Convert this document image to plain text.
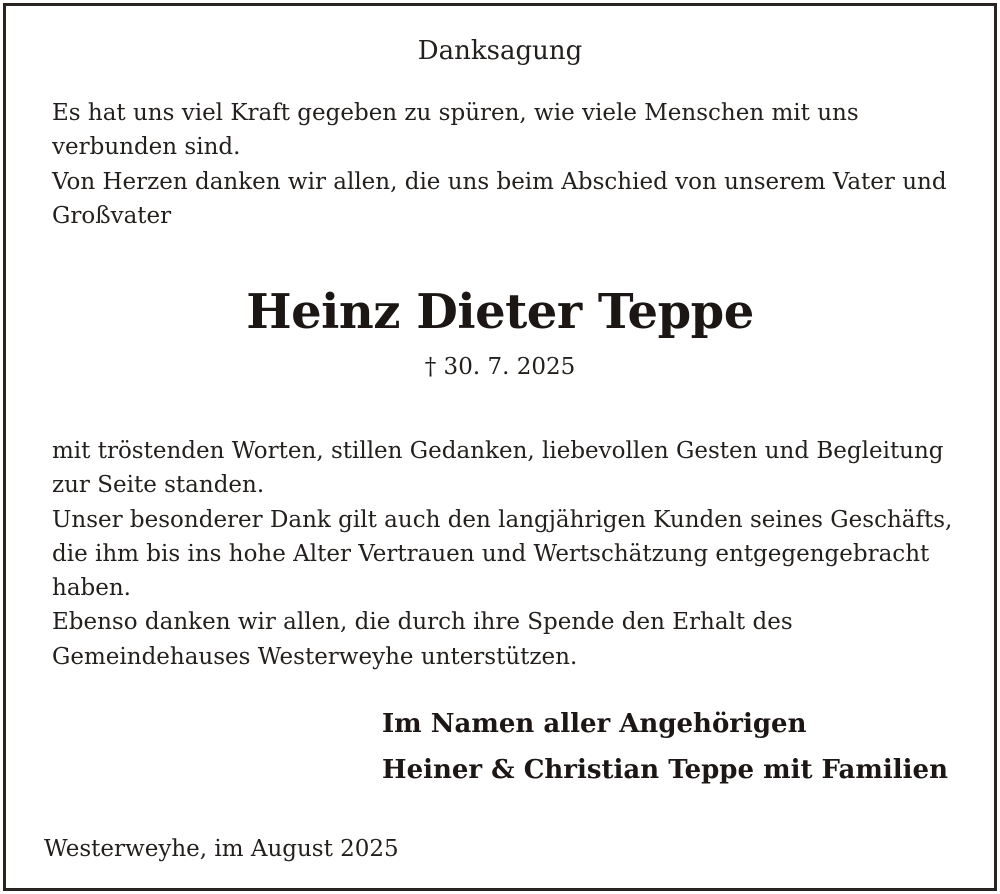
Danksagung
Es hat uns viel Kraft gegeben zu spüren, wie viele Menschen mit uns
verbunden sind.
Von Herzen danken wir allen, die uns beim Abschied von unserem Vater und
Großvater
Heinz Dieter Teppe
† 30. 7. 2025
mit tröstenden Worten, stillen Gedanken, liebevollen Gesten und Begleitung
zur Seite standen.
Unser besonderer Dank gilt auch den langjährigen Kunden seines Geschäfts,
die ihm bis ins hohe Alter Vertrauen und Wertschätzung entgegengebracht
haben.
Ebenso danken wir allen, die durch ihre Spende den Erhalt des
Gemeindehauses Westerweyhe unterstützen.
Im Namen aller Angehörigen
Heiner & Christian Teppe mit Familien
Westerweyhe, im August 2025
